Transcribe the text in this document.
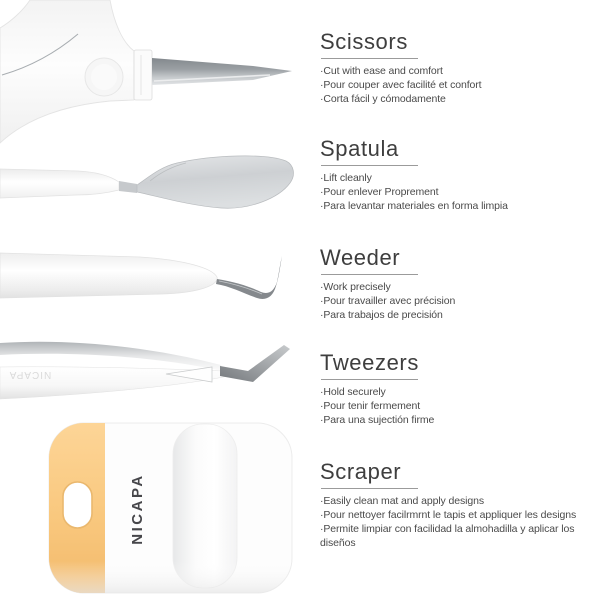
NICAPA
NICAPA
Scissors

·Cut with ease and comfort

·Pour couper avec facilité et confort

·Corta fácil y cómodamente

Spatula

·Lift cleanly

·Pour enlever Proprement

·Para levantar materiales en forma limpia

Weeder

·Work precisely

·Pour travailler avec précision

·Para trabajos de precisión

Tweezers

·Hold securely

·Pour tenir fermement

·Para una sujectión firme

Scraper

·Easily clean mat and apply designs

·Pour nettoyer facilrmrnt le tapis et appliquer les designs

·Permite limpiar con facilidad la almohadilla y aplicar los diseños
